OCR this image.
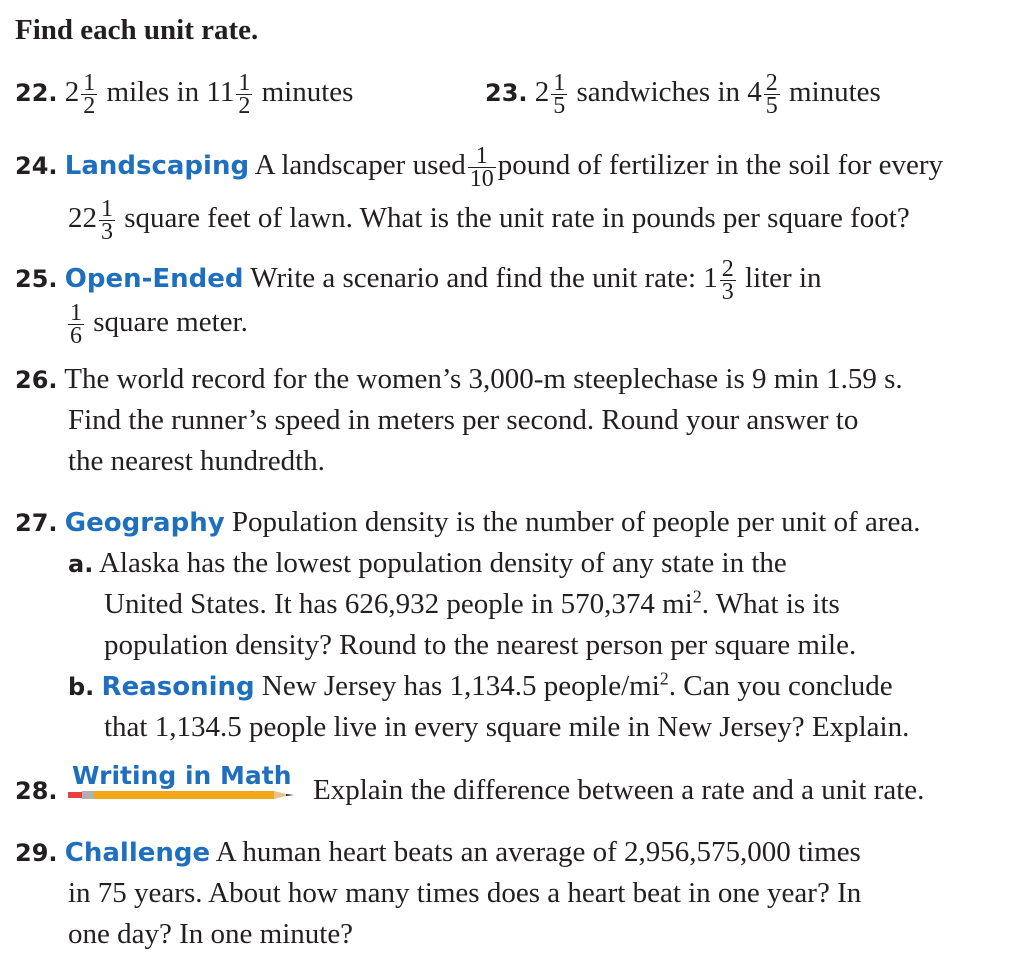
Find each unit rate.
22. $2 \frac{1}{2}$ miles in $11 \frac{1}{2}$ minutes	23. $2 \frac{1}{5}$ sandwiches in $4 \frac{2}{5}$ minutes
24. Landscaping A landscaper used $\frac{1}{10}$ pound of fertilizer in the soil for every
$22 \frac{1}{3}$ square feet of lawn. What is the unit rate in pounds per square foot?
25. Open-Ended Write a scenario and find the unit rate: $1 \frac{2}{3}$ liter in
$\frac{1}{6}$ square meter.
26. The world record for the women’s 3,000-m steeplechase is 9 min 1.59 s.
Find the runner’s speed in meters per second. Round your answer to
the nearest hundredth.
27. Geography Population density is the number of people per unit of area.
a. Alaska has the lowest population density of any state in the
United States. It has 626,932 people in 570,374 $mi^2$. What is its
population density? Round to the nearest person per square mile.
b. Reasoning New Jersey has 1,134.5 people/$mi^2$. Can you conclude
that 1,134.5 people live in every square mile in New Jersey? Explain.
28.
Writing in Math Explain the difference between a rate and a unit rate.
29. Challenge A human heart beats an average of 2,956,575,000 times
in 75 years. About how many times does a heart beat in one year? In
one day? In one minute?
